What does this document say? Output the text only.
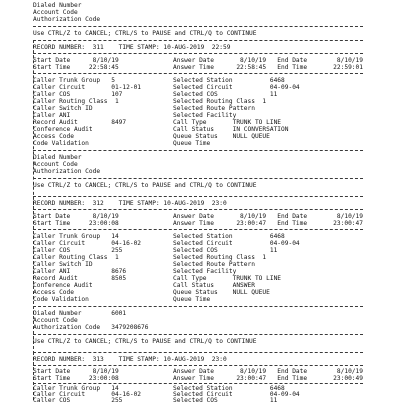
Dialed Number
Account Code
Authorization Code
Use CTRL/Z to CANCEL; CTRL/S to PAUSE and CTRL/Q to CONTINUE
RECORD NUMBER:  311    TIME STAMP: 10-AUG-2019  22:59
Start Date      8/10/19	Answer Date       8/10/19   End Date        8/10/19
Start Time     22:58:45	Answer Time      22:58:45   End Time       22:59:01
Caller Trunk Group   5	Selected Station          6468
Caller Circuit       01-12-01	Selected Circuit          04-09-04
Caller COS           107	Selected COS              11
Caller Routing Class  1	Selected Routing Class  1
Caller Switch ID	Selected Route Pattern
Caller ANI	Selected Facility
Record Audit         8497	Call Type       TRUNK TO LINE
Conference Audit	Call Status     IN CONVERSATION
Access Code	Queue Status    NULL QUEUE
Code Validation	Queue Time
Dialed Number
Account Code
Authorization Code
Use CTRL/Z to CANCEL; CTRL/S to PAUSE and CTRL/Q to CONTINUE
RECORD NUMBER:  312    TIME STAMP: 10-AUG-2019  23:0
Start Date      8/10/19	Answer Date       8/10/19   End Date        8/10/19
Start Time     23:00:08	Answer Time      23:00:47   End Time       23:00:47
Caller Trunk Group   14	Selected Station          6468
Caller Circuit       04-16-02	Selected Circuit          04-09-04
Caller COS           255	Selected COS              11
Caller Routing Class  1	Selected Routing Class  1
Caller Switch ID	Selected Route Pattern
Caller ANI           8676	Selected Facility
Record Audit         8505	Call Type       TRUNK TO LINE
Conference Audit	Call Status     ANSWER
Access Code	Queue Status    NULL QUEUE
Code Validation	Queue Time
Dialed Number        6001
Account Code
Authorization Code   3479208676
Use CTRL/Z to CANCEL; CTRL/S to PAUSE and CTRL/Q to CONTINUE
RECORD NUMBER:  313    TIME STAMP: 10-AUG-2019  23:0
Start Date      8/10/19	Answer Date       8/10/19   End Date        8/10/19
Start Time     23:00:08	Answer Time      23:00:47   End Time       23:00:49
Caller Trunk Group   14	Selected Station          6468
Caller Circuit       04-16-02	Selected Circuit          04-09-04
Caller COS           255	Selected COS              11
